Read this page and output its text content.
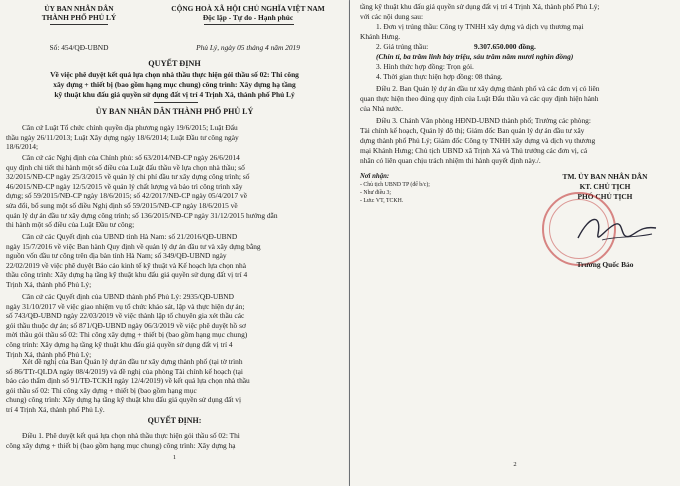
ỦY BAN NHÂN DÂN
THÀNH PHỐ PHỦ LÝ
Số: 454/QĐ-UBND
CỘNG HOÀ XÃ HỘI CHỦ NGHĨA VIỆT NAM
Độc lập - Tự do - Hạnh phúc
Phủ Lý, ngày 05 tháng 4 năm 2019
QUYẾT ĐỊNH
Về việc phê duyệt kết quả lựa chọn nhà thầu thực hiện gói thầu số 02: Thi công
xây dựng + thiết bị (bao gồm hạng mục chung) công trình: Xây dựng hạ tầng
kỹ thuật khu đấu giá quyền sử dụng đất vị trí 4 Trịnh Xá, thành phố Phủ Lý
ỦY BAN NHÂN DÂN THÀNH PHỐ PHỦ LÝ
Căn cứ Luật Tổ chức chính quyền địa phương ngày 19/6/2015; Luật Đấu
thầu ngày 26/11/2013; Luật Xây dựng ngày 18/6/2014; Luật Đầu tư công ngày
18/6/2014;
Căn cứ các Nghị định của Chính phủ: số 63/2014/NĐ-CP ngày 26/6/2014
quy định chi tiết thi hành một số điều của Luật đấu thầu về lựa chọn nhà thầu; số
32/2015/NĐ-CP ngày 25/3/2015 về quản lý chi phí đầu tư xây dựng công trình; số
46/2015/NĐ-CP ngày 12/5/2015 về quản lý chất lượng và bảo trì công trình xây
dựng; số 59/2015/NĐ-CP ngày 18/6/2015; số 42/2017/NĐ-CP ngày 05/4/2017 về
sửa đổi, bổ sung một số điều Nghị định số 59/2015/NĐ-CP ngày 18/6/2015 về
quản lý dự án đầu tư xây dựng công trình; số 136/2015/NĐ-CP ngày 31/12/2015 hướng dẫn
thi hành một số điều của Luật Đầu tư công;
Căn cứ các Quyết định của UBND tỉnh Hà Nam: số 21/2016/QĐ-UBND
ngày 15/7/2016 về việc Ban hành Quy định về quản lý dự án đầu tư và xây dựng bằng
nguồn vốn đầu tư công trên địa bàn tỉnh Hà Nam; số 349/QĐ-UBND ngày
22/02/2019 về việc phê duyệt Báo cáo kinh tế kỹ thuật và Kế hoạch lựa chọn nhà
thầu công trình: Xây dựng hạ tầng kỹ thuật khu đấu giá quyền sử dụng đất vị trí 4
Trịnh Xá, thành phố Phủ Lý;
Căn cứ các Quyết định của UBND thành phố Phủ Lý: 2935/QĐ-UBND
ngày 31/10/2017 về việc giao nhiệm vụ tổ chức khảo sát, lập và thực hiện dự án;
số 743/QĐ-UBND ngày 22/03/2019 về việc thành lập tổ chuyên gia xét thầu các
gói thầu thuộc dự án; số 871/QĐ-UBND ngày 06/3/2019 về việc phê duyệt hồ sơ
mời thầu gói thầu số 02: Thi công xây dựng + thiết bị (bao gồm hạng mục chung)
công trình: Xây dựng hạ tầng kỹ thuật khu đấu giá quyền sử dụng đất vị trí 4
Trịnh Xá, thành phố Phủ Lý;
Xét đề nghị của Ban Quản lý dự án đầu tư xây dựng thành phố (tại tờ trình
số 86/TTr-QLDA ngày 08/4/2019) và đề nghị của phòng Tài chính kế hoạch (tại
báo cáo thẩm định số 91/TĐ-TCKH ngày 12/4/2019) về kết quả lựa chọn nhà thầu
gói thầu số 02: Thi công xây dựng + thiết bị (bao gồm hạng mục
chung) công trình: Xây dựng hạ tầng kỹ thuật khu đấu giá quyền sử dụng đất vị
trí 4 Trịnh Xá, thành phố Phủ Lý.
QUYẾT ĐỊNH:
Điều 1. Phê duyệt kết quả lựa chọn nhà thầu thực hiện gói thầu số 02: Thi
công xây dựng + thiết bị (bao gồm hạng mục chung) công trình: Xây dựng hạ
1
tầng kỹ thuật khu đấu giá quyền sử dụng đất vị trí 4 Trịnh Xá, thành phố Phủ Lý;
với các nội dung sau:
1. Đơn vị trúng thầu: Công ty TNHH xây dựng và dịch vụ thương mại
Khánh Hưng.
2. Giá trúng thầu:	9.307.650.000 đồng.
(Chín tỉ, ba trăm linh bảy triệu, sáu trăm năm mươi nghìn đồng)
3. Hình thức hợp đồng: Trọn gói.
4. Thời gian thực hiện hợp đồng: 08 tháng.
Điều 2. Ban Quản lý dự án đầu tư xây dựng thành phố và các đơn vị có liên
quan thực hiện theo đúng quy định của Luật Đấu thầu và các quy định hiện hành
của Nhà nước.
Điều 3. Chánh Văn phòng HĐND-UBND thành phố; Trưởng các phòng:
Tài chính kế hoạch, Quản lý đô thị; Giám đốc Ban quản lý dự án đầu tư xây
dựng thành phố Phủ Lý; Giám đốc Công ty TNHH xây dựng và dịch vụ thương
mại Khánh Hưng; Chủ tịch UBND xã Trịnh Xá và Thủ trưởng các đơn vị, cá
nhân có liên quan chịu trách nhiệm thi hành quyết định này./.
Nơi nhận:
- Chủ tịch UBND TP (để b/c);
- Như điều 3;
- Lưu: VT, TCKH.
TM. ỦY BAN NHÂN DÂN
KT. CHỦ TỊCH
PHÓ CHỦ TỊCH
Trương Quốc Bảo
2
